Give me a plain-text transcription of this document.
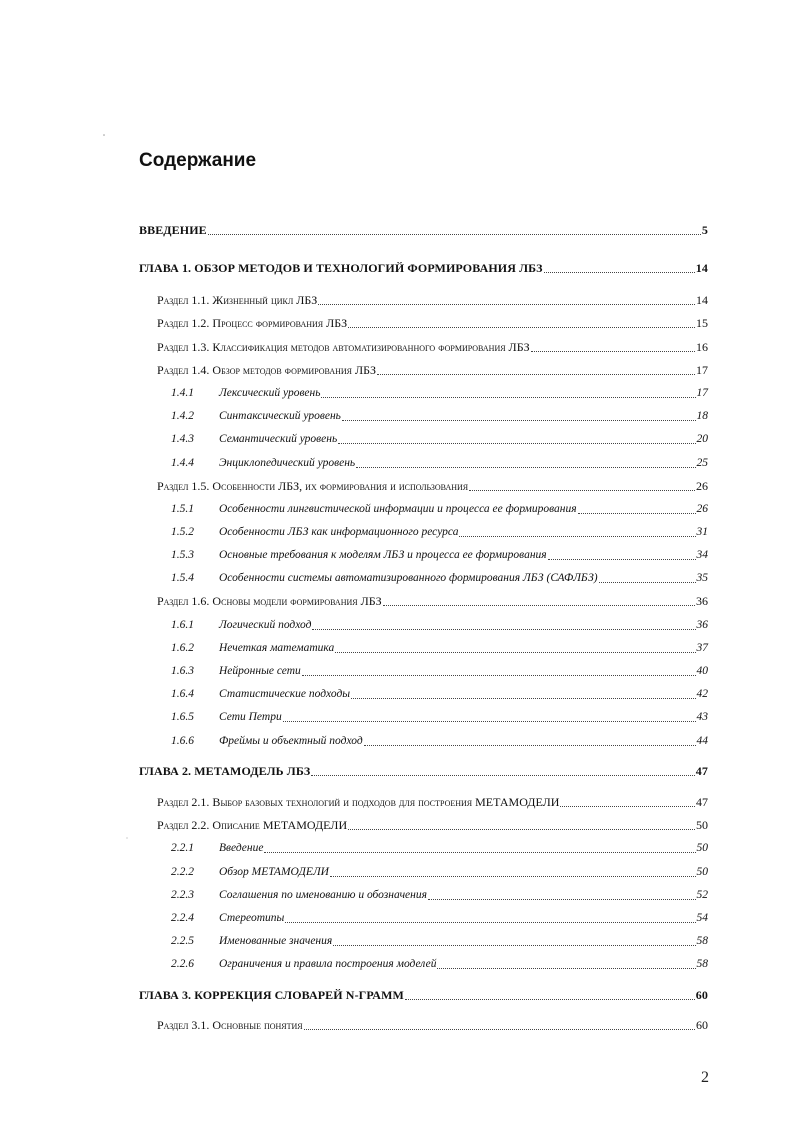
Содержание
ВВЕДЕНИЕ	5
ГЛАВА 1. ОБЗОР МЕТОДОВ И ТЕХНОЛОГИЙ ФОРМИРОВАНИЯ ЛБЗ	14
Раздел 1.1. Жизненный цикл ЛБЗ	14
Раздел 1.2. Процесс формирования ЛБЗ	15
Раздел 1.3. Классификация методов автоматизированного формирования ЛБЗ	16
Раздел 1.4. Обзор методов формирования ЛБЗ	17
1.4.1	Лексический уровень	17
1.4.2	Синтаксический уровень	18
1.4.3	Семантический уровень	20
1.4.4	Энциклопедический уровень	25
Раздел 1.5. Особенности ЛБЗ, их формирования и использования	26
1.5.1	Особенности лингвистической информации и процесса ее формирования	26
1.5.2	Особенности ЛБЗ как информационного ресурса	31
1.5.3	Основные требования к моделям ЛБЗ и процесса ее формирования	34
1.5.4	Особенности системы автоматизированного формирования ЛБЗ (САФЛБЗ)	35
Раздел 1.6. Основы модели формирования ЛБЗ	36
1.6.1	Логический подход	36
1.6.2	Нечеткая математика	37
1.6.3	Нейронные сети	40
1.6.4	Статистические подходы	42
1.6.5	Сети Петри	43
1.6.6	Фреймы и объектный подход	44
ГЛАВА 2. МЕТАМОДЕЛЬ ЛБЗ	47
Раздел 2.1. Выбор базовых технологий и подходов для построения МЕТАМОДЕЛИ	47
Раздел 2.2. Описание МЕТАМОДЕЛИ	50
2.2.1	Введение	50
2.2.2	Обзор МЕТАМОДЕЛИ	50
2.2.3	Соглашения по именованию и обозначения	52
2.2.4	Стереотипы	54
2.2.5	Именованные значения	58
2.2.6	Ограничения и правила построения моделей	58
ГЛАВА 3. КОРРЕКЦИЯ СЛОВАРЕЙ N-ГРАММ	60
Раздел 3.1. Основные понятия	60
2
